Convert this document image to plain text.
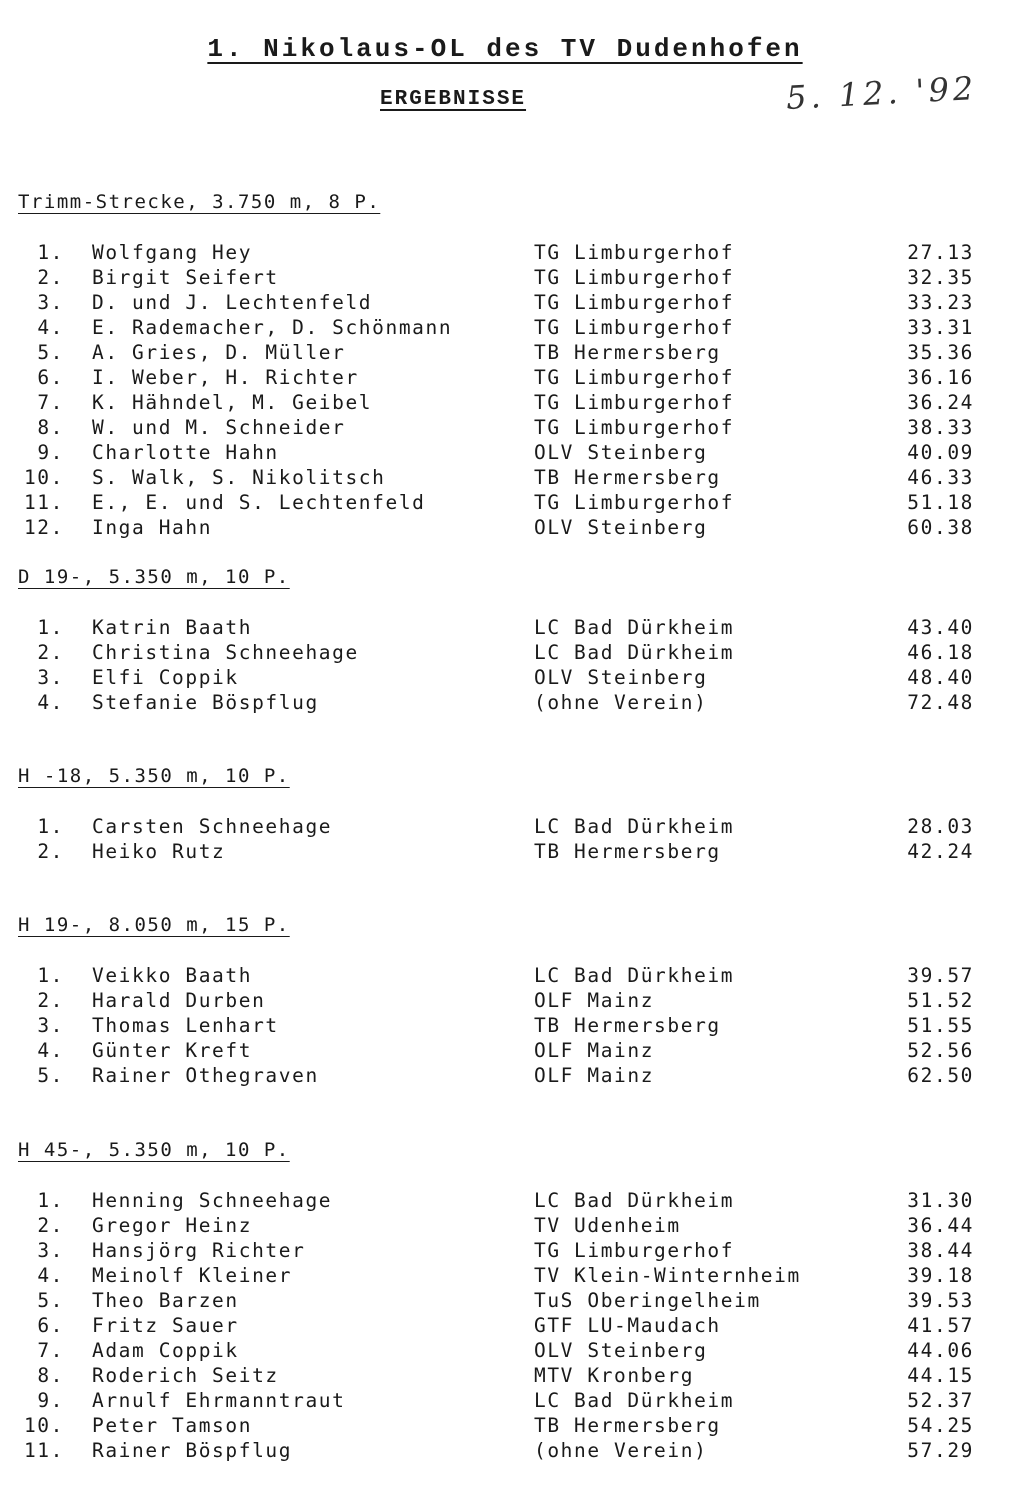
1. Nikolaus-OL des TV Dudenhofen
ERGEBNISSE	5. 12. '92
Trimm-Strecke, 3.750 m, 8 P.
1. Wolfgang Hey	TG Limburgerhof	27.13
2. Birgit Seifert	TG Limburgerhof	32.35
3. D. und J. Lechtenfeld	TG Limburgerhof	33.23
4. E. Rademacher, D. Schönmann	TG Limburgerhof	33.31
5. A. Gries, D. Müller	TB Hermersberg	35.36
6. I. Weber, H. Richter	TG Limburgerhof	36.16
7. K. Hähndel, M. Geibel	TG Limburgerhof	36.24
8. W. und M. Schneider	TG Limburgerhof	38.33
9. Charlotte Hahn	OLV Steinberg	40.09
10. S. Walk, S. Nikolitsch	TB Hermersberg	46.33
11. E., E. und S. Lechtenfeld	TG Limburgerhof	51.18
12. Inga Hahn	OLV Steinberg	60.38
D 19-, 5.350 m, 10 P.
1. Katrin Baath	LC Bad Dürkheim	43.40
2. Christina Schneehage	LC Bad Dürkheim	46.18
3. Elfi Coppik	OLV Steinberg	48.40
4. Stefanie Böspflug	(ohne Verein)	72.48
H -18, 5.350 m, 10 P.
1. Carsten Schneehage	LC Bad Dürkheim	28.03
2. Heiko Rutz	TB Hermersberg	42.24
H 19-, 8.050 m, 15 P.
1. Veikko Baath	LC Bad Dürkheim	39.57
2. Harald Durben	OLF Mainz	51.52
3. Thomas Lenhart	TB Hermersberg	51.55
4. Günter Kreft	OLF Mainz	52.56
5. Rainer Othegraven	OLF Mainz	62.50
H 45-, 5.350 m, 10 P.
1. Henning Schneehage	LC Bad Dürkheim	31.30
2. Gregor Heinz	TV Udenheim	36.44
3. Hansjörg Richter	TG Limburgerhof	38.44
4. Meinolf Kleiner	TV Klein-Winternheim	39.18
5. Theo Barzen	TuS Oberingelheim	39.53
6. Fritz Sauer	GTF LU-Maudach	41.57
7. Adam Coppik	OLV Steinberg	44.06
8. Roderich Seitz	MTV Kronberg	44.15
9. Arnulf Ehrmanntraut	LC Bad Dürkheim	52.37
10. Peter Tamson	TB Hermersberg	54.25
11. Rainer Böspflug	(ohne Verein)	57.29
